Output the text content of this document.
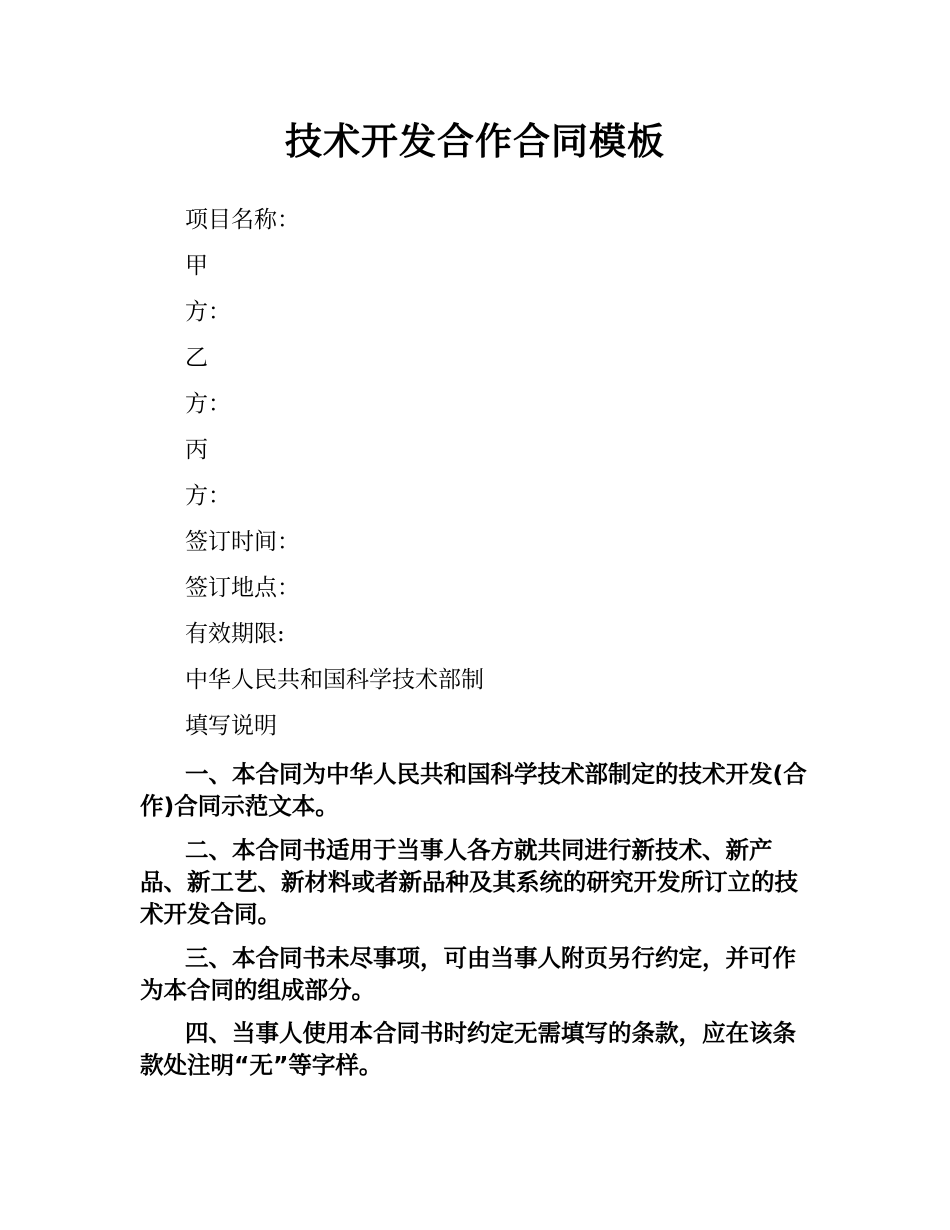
技术开发合作合同模板

项目名称：

甲

方：

乙

方：

丙

方：

签订时间：

签订地点：

有效期限:

中华人民共和国科学技术部制

填写说明

一、本合同为中华人民共和国科学技术部制定的技术开发(合作)合同示范文本。

二、本合同书适用于当事人各方就共同进行新技术、新产品、新工艺、新材料或者新品种及其系统的研究开发所订立的技术开发合同。

三、本合同书未尽事项，可由当事人附页另行约定，并可作为本合同的组成部分。

四、当事人使用本合同书时约定无需填写的条款，应在该条款处注明“无”等字样。
